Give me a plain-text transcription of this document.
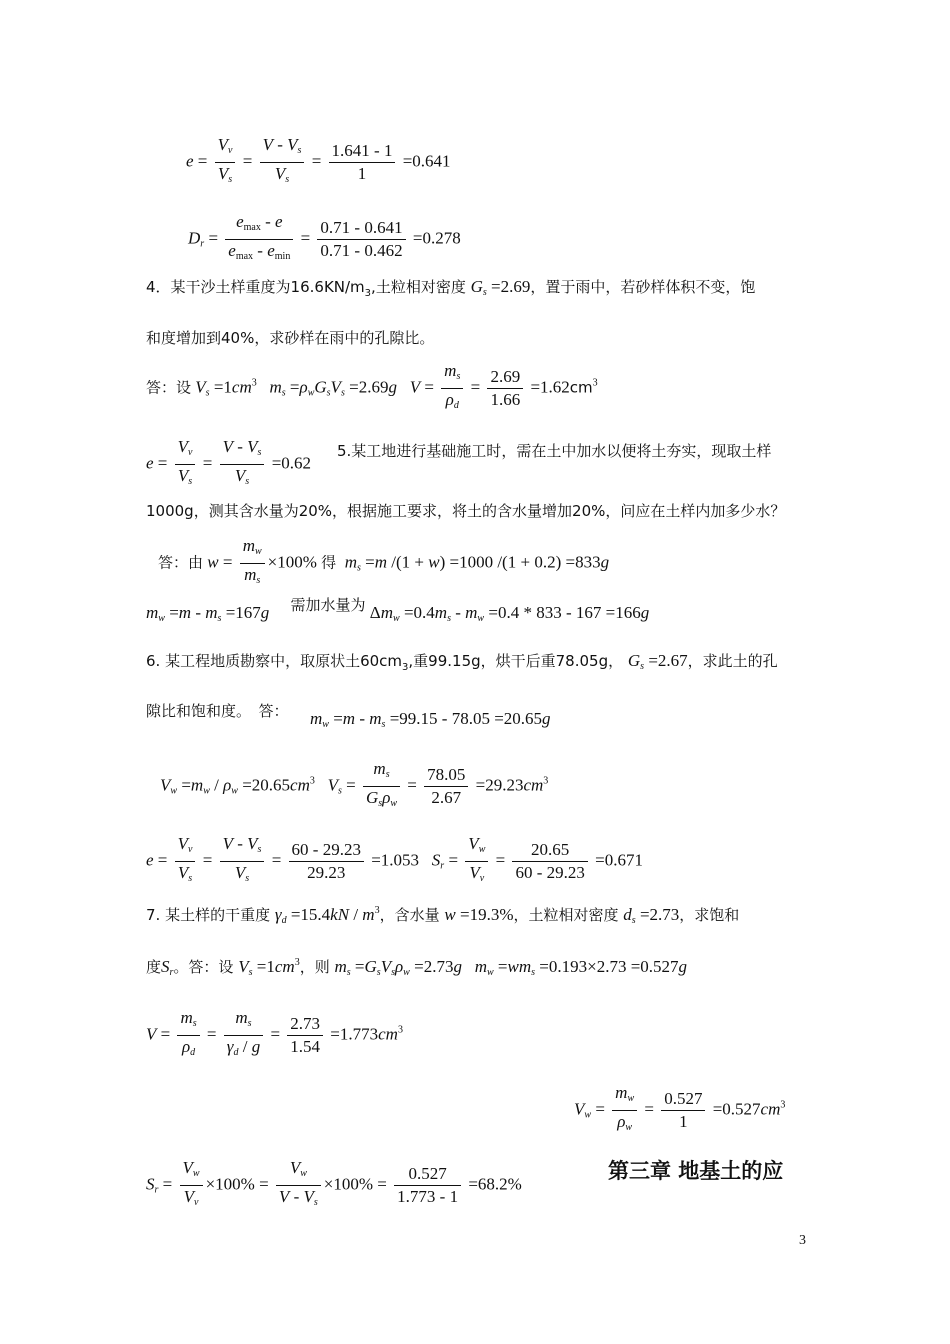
$e = \frac{V_v}{V_s} = \frac{V - V_s}{V_s} = \frac{1.641 - 1}{1} =0.641$
$D_r = \frac{e_{max} - e}{e_{max} - e_{min}} = \frac{0.71 - 0.641}{0.71 - 0.462} =0.278$
4．某干沙土样重度为$16.6KN/m_3$,土粒相对密度 $G_s =2.69$，置于雨中，若砂样体积不变，饱
和度增加到40%，求砂样在雨中的孔隙比。
答：设 $V_s =1cm^3$ $m_s =\rho_wG_sV_s =2.69g$ $V = \frac{m_s}{\rho_d} = \frac{2.69}{1.66} =1.62cm^3$
$e = \frac{V_v}{V_s} = \frac{V - V_s}{V_s} =0.62$
5.某工地进行基础施工时，需在土中加水以便将土夯实，现取土样
1000g，测其含水量为20%，根据施工要求，将土的含水量增加20%，问应在土样内加多少水？
答：由 $w = \frac{m_w}{m_s} \times 100\%$ 得 $m_s =m$ /(1 + w) =1000 /(1 + 0.2) =833g
$m_w =m - m_s =167g$ 需加水量为 $\Delta m_w =0.4m_s - m_w =0.4 * 833 - 167 =166g$
6. 某工程地质勘察中，取原状土$60cm_3$,重99.15g，烘干后重78.05g， $G_s =2.67$，求此土的孔
隙比和饱和度。　答： $m_w =m - m_s =99.15 - 78.05 =20.65g$
$V_w =m_w / \rho_w =20.65cm^3$ $V_s = \frac{m_s}{G_s\rho_w} = \frac{78.05}{2.67} =29.23cm^3$
$e = \frac{V_v}{V_s} = \frac{V - V_s}{V_s} = \frac{60 - 29.23}{29.23} =1.053$ $S_r = \frac{V_w}{V_v} = \frac{20.65}{60 - 29.23} =0.671$
7. 某土样的干重度 $\gamma_d =15.4kN / m^3$，含水量 w =19.3%，土粒相对密度 $d_s =2.73$，求饱和
度$S_r$。答：设 $V_s =1cm^3$，则 $m_s =G_sV_s\rho_w =2.73g$ $m_w =wm_s =0.193\times 2.73 =0.527g$
$V = \frac{m_s}{\rho_d} = \frac{m_s}{\gamma_d / g} = \frac{2.73}{1.54} =1.773cm^3$
$V_w = \frac{m_w}{\rho_w} = \frac{0.527}{1} =0.527cm^3$
$S_r = \frac{V_w}{V_v} \times 100\% = \frac{V_w}{V - V_s} \times 100\% = \frac{0.527}{1.773 - 1} =68.2\%$
第三章 地基土的应
3
